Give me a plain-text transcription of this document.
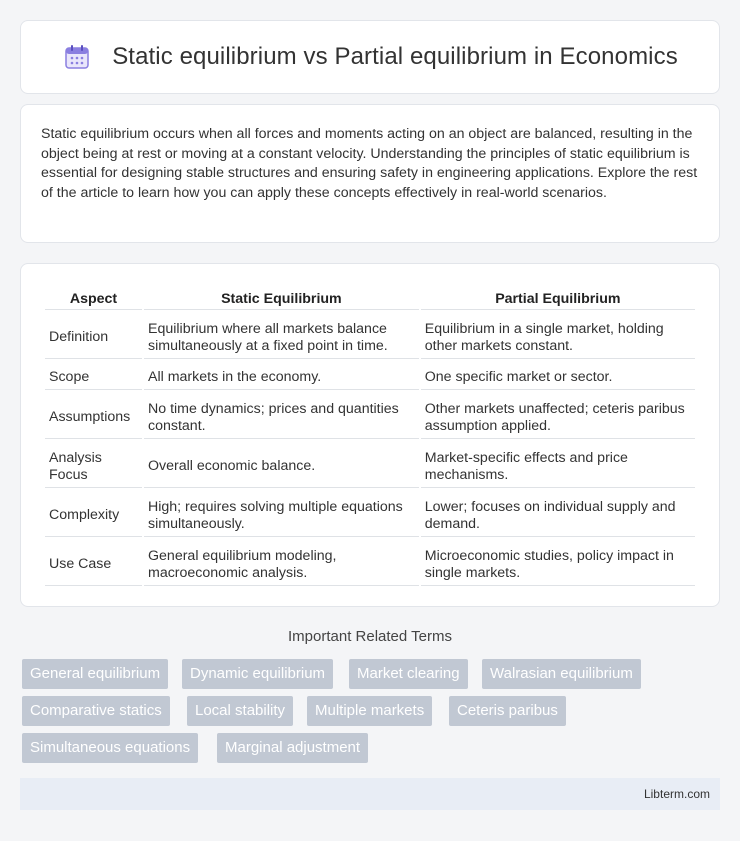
Static equilibrium vs Partial equilibrium in Economics

Static equilibrium occurs when all forces and moments acting on an object are balanced, resulting in the object being at rest or moving at a constant velocity. Understanding the principles of static equilibrium is essential for designing stable structures and ensuring safety in engineering applications. Explore the rest of the article to learn how you can apply these concepts effectively in real-world scenarios.

Aspect	Static Equilibrium	Partial Equilibrium
Definition	Equilibrium where all markets balance simultaneously at a fixed point in time.	Equilibrium in a single market, holding other markets constant.
Scope	All markets in the economy.	One specific market or sector.
Assumptions	No time dynamics; prices and quantities constant.	Other markets unaffected; ceteris paribus assumption applied.
Analysis Focus	Overall economic balance.	Market-specific effects and price mechanisms.
Complexity	High; requires solving multiple equations simultaneously.	Lower; focuses on individual supply and demand.
Use Case	General equilibrium modeling, macroeconomic analysis.	Microeconomic studies, policy impact in single markets.
Important Related Terms
General equilibrium	Dynamic equilibrium	Market clearing	Walrasian equilibrium
Comparative statics	Local stability	Multiple markets	Ceteris paribus
Simultaneous equations	Marginal adjustment
Libterm.com
